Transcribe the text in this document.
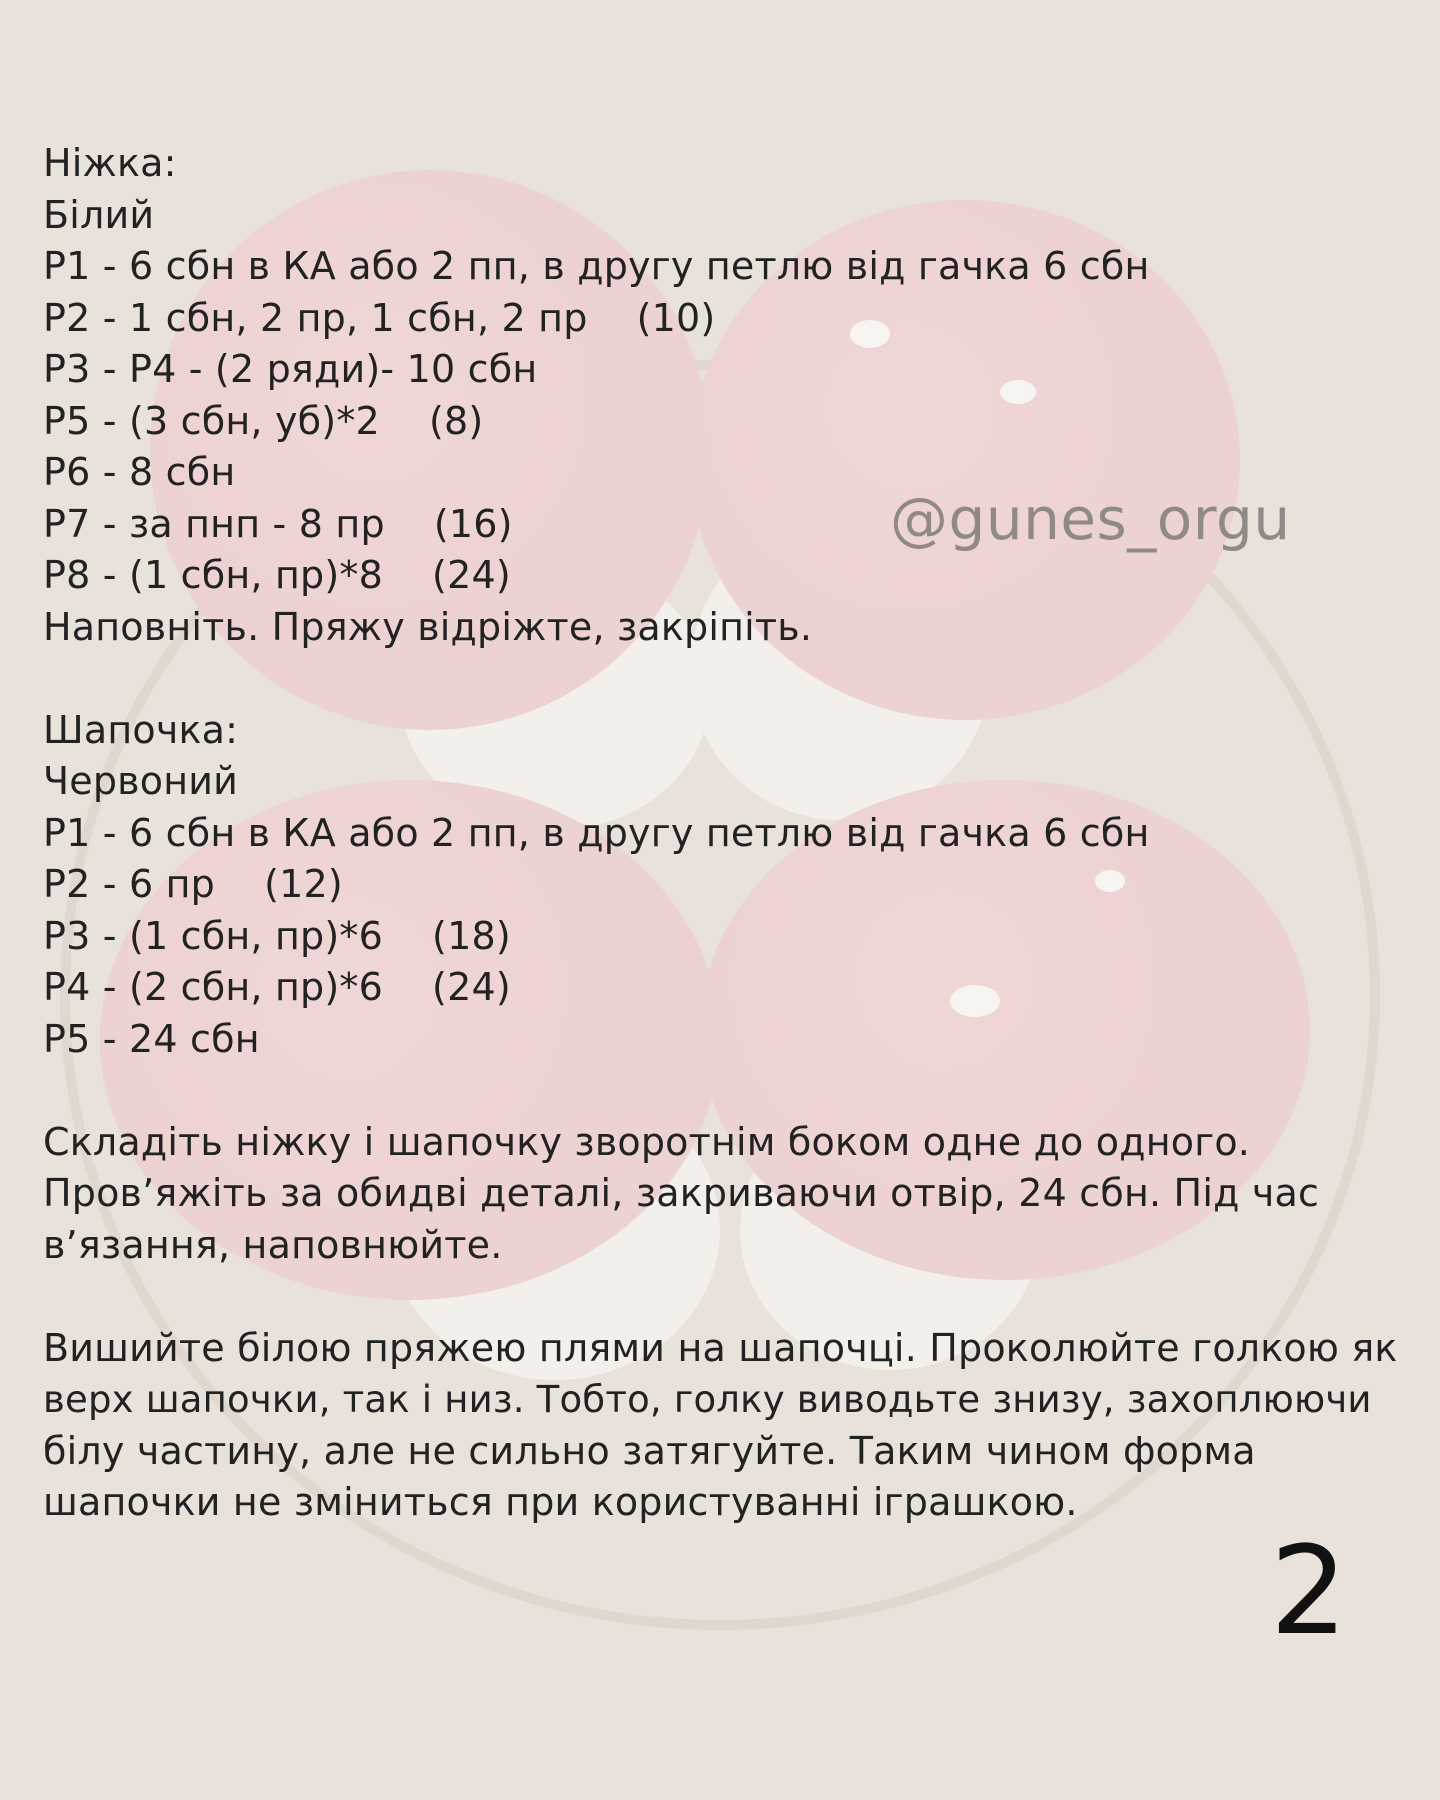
@gunes_orgu
Ніжка:
Білий
Р1 - 6 сбн в КА або 2 пп, в другу петлю від гачка 6 сбн
Р2 - 1 сбн, 2 пр, 1 сбн, 2 пр    (10)
Р3 - Р4 - (2 ряди)- 10 сбн
Р5 - (3 сбн, уб)*2    (8)
Р6 - 8 сбн
Р7 - за пнп - 8 пр    (16)
Р8 - (1 сбн, пр)*8    (24)
Наповніть. Пряжу відріжте, закріпіть.
Шапочка:
Червоний
Р1 - 6 сбн в КА або 2 пп, в другу петлю від гачка 6 сбн
Р2 - 6 пр    (12)
Р3 - (1 сбн, пр)*6    (18)
Р4 - (2 сбн, пр)*6    (24)
Р5 - 24 сбн
Складіть ніжку і шапочку зворотнім боком одне до одного.
Пров’яжіть за обидві деталі, закриваючи отвір, 24 сбн. Під час
в’язання, наповнюйте.
Вишийте білою пряжею плями на шапочці. Проколюйте голкою як
верх шапочки, так і низ. Тобто, голку виводьте знизу, захоплюючи
білу частину, але не сильно затягуйте. Таким чином форма
шапочки не зміниться при користуванні іграшкою.
2
